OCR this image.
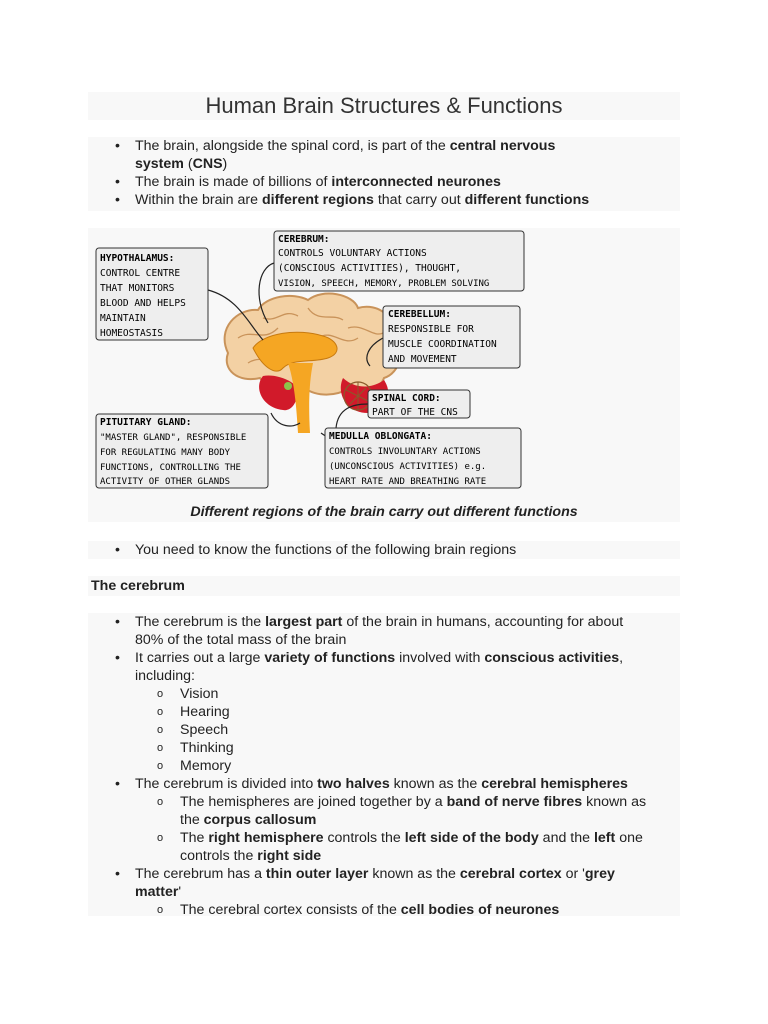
Human Brain Structures & Functions
• The brain, alongside the spinal cord, is part of the central nervous
system (CNS)
• The brain is made of billions of interconnected neurones
• Within the brain are different regions that carry out different functions
HYPOTHALAMUS:
CONTROL CENTRE
THAT MONITORS
BLOOD AND HELPS
MAINTAIN
HOMEOSTASIS
CEREBRUM:
CONTROLS VOLUNTARY ACTIONS
(CONSCIOUS ACTIVITIES), THOUGHT,
VISION, SPEECH, MEMORY, PROBLEM SOLVING
CEREBELLUM:
RESPONSIBLE FOR
MUSCLE COORDINATION
AND MOVEMENT
SPINAL CORD:
PART OF THE CNS
PITUITARY GLAND:
"MASTER GLAND", RESPONSIBLE
FOR REGULATING MANY BODY
FUNCTIONS, CONTROLLING THE
ACTIVITY OF OTHER GLANDS
MEDULLA OBLONGATA:
CONTROLS INVOLUNTARY ACTIONS
(UNCONSCIOUS ACTIVITIES) e.g.
HEART RATE AND BREATHING RATE
Different regions of the brain carry out different functions
• You need to know the functions of the following brain regions
The cerebrum
• The cerebrum is the largest part of the brain in humans, accounting for about
80% of the total mass of the brain
• It carries out a large variety of functions involved with conscious activities,
including:
o Vision
o Hearing
o Speech
o Thinking
o Memory
• The cerebrum is divided into two halves known as the cerebral hemispheres
o The hemispheres are joined together by a band of nerve fibres known as
the corpus callosum
o The right hemisphere controls the left side of the body and the left one
controls the right side
• The cerebrum has a thin outer layer known as the cerebral cortex or 'grey
matter'
o The cerebral cortex consists of the cell bodies of neurones
